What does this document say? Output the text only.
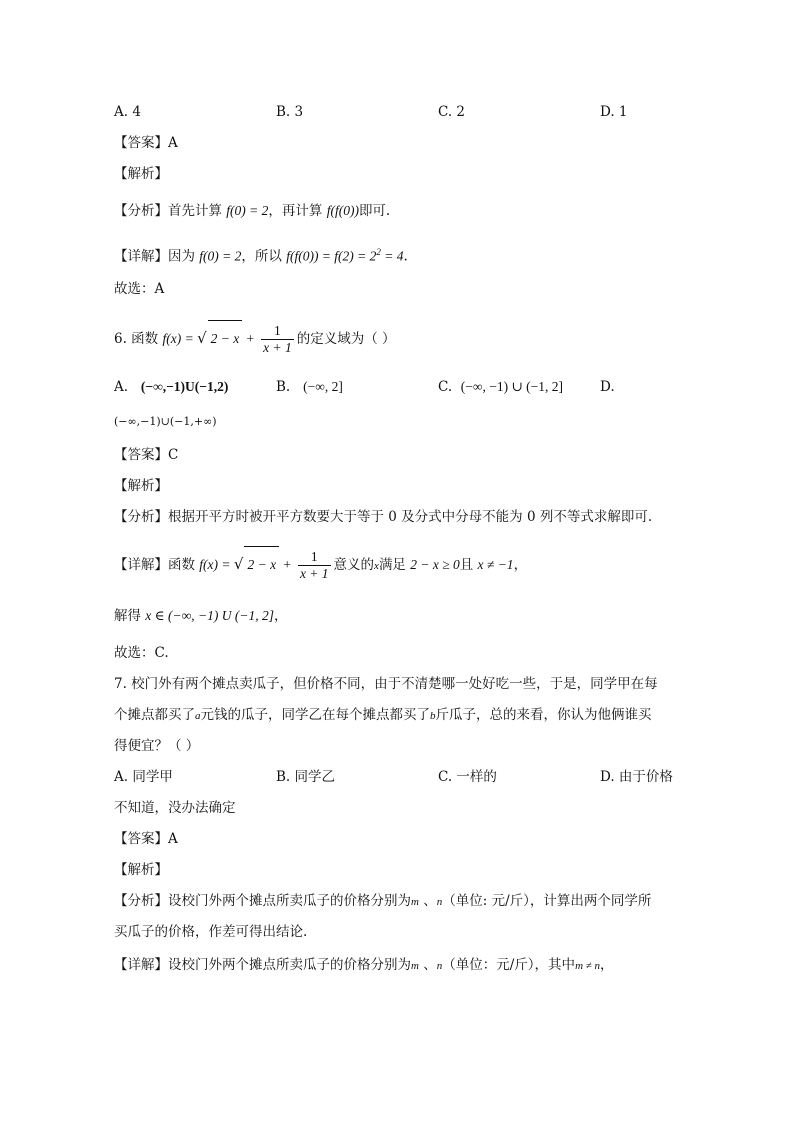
A. 4	B. 3	C. 2	D. 1
【答案】A
【解析】
【分析】首先计算 f(0) = 2，再计算 f(f(0))即可.
【详解】因为 f(0) = 2，所以 $f(f(0)) = f(2) = 2^2 = 4$.
故选：A
6. 函数 f(x) = √ $2 - x + \frac{1}{x + 1}$ 的定义域为（ ）
A. (−∞,−1)U(−1,2)	B. (−∞, 2]	C. (−∞, −1) ∪ (−1, 2]	D.
(−∞,−1)∪(−1,+∞)
【答案】C
【解析】
【分析】根据开平方时被开平方数要大于等于 0 及分式中分母不能为 0 列不等式求解即可.
【详解】函数 f(x) = √ $2 - x + \frac{1}{x + 1}$ 意义的x满足 2 − x ≥ 0且 x ≠ −1，
解得 x ∈ (−∞, −1) U (−1, 2]，
故选：C.
7. 校门外有两个摊点卖瓜子，但价格不同，由于不清楚哪一处好吃一些，于是，同学甲在每
个摊点都买了a元钱的瓜子，同学乙在每个摊点都买了b斤瓜子，总的来看，你认为他俩谁买
得便宜？（ ）
A. 同学甲	B. 同学乙	C. 一样的	D. 由于价格
不知道，没办法确定
【答案】A
【解析】
【分析】设校门外两个摊点所卖瓜子的价格分别为m 、n（单位: 元/斤），计算出两个同学所
买瓜子的价格，作差可得出结论.
【详解】设校门外两个摊点所卖瓜子的价格分别为m 、n（单位：元/斤），其中m ≠ n，
